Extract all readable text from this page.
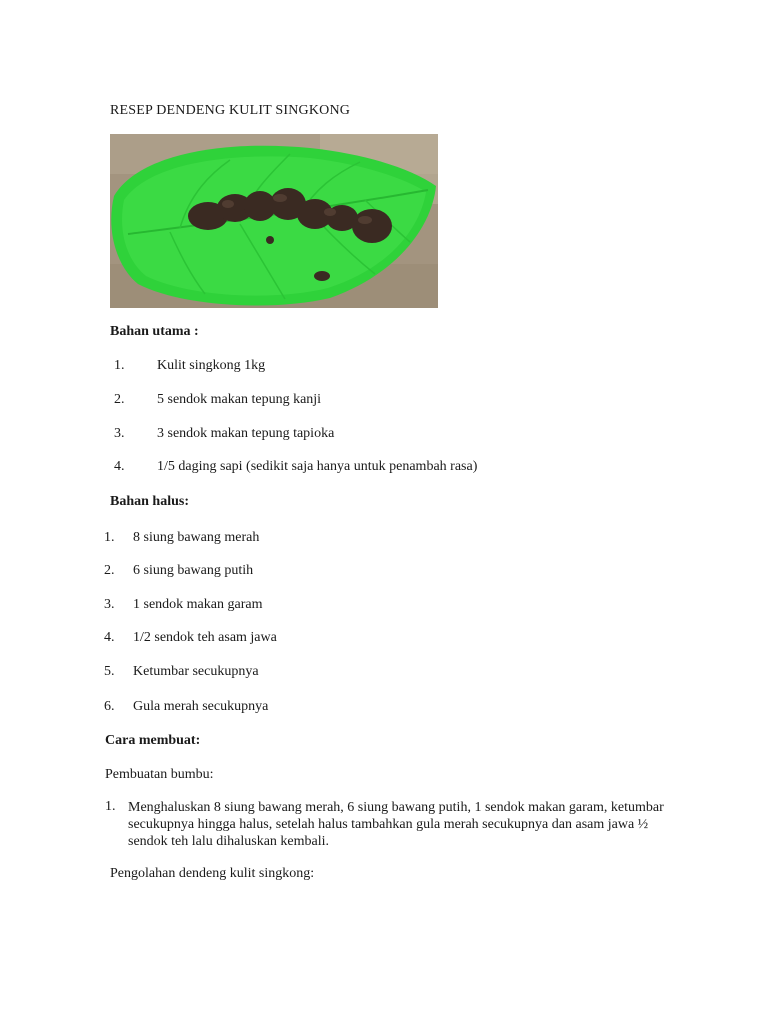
RESEP DENDENG KULIT SINGKONG
Bahan utama :
1. Kulit singkong 1kg
2. 5 sendok makan tepung kanji
3. 3 sendok makan tepung tapioka
4. 1/5 daging sapi (sedikit saja hanya untuk penambah rasa)
Bahan halus:
1. 8 siung bawang merah
2. 6 siung bawang putih
3. 1 sendok makan garam
4. 1/2 sendok teh asam jawa
5. Ketumbar secukupnya
6. Gula merah secukupnya
Cara membuat:
Pembuatan bumbu:
1. Menghaluskan 8 siung bawang merah, 6 siung bawang putih, 1 sendok makan garam, ketumbar secukupnya hingga halus, setelah halus tambahkan gula merah secukupnya dan asam jawa ½ sendok teh lalu dihaluskan kembali.
Pengolahan dendeng kulit singkong:
